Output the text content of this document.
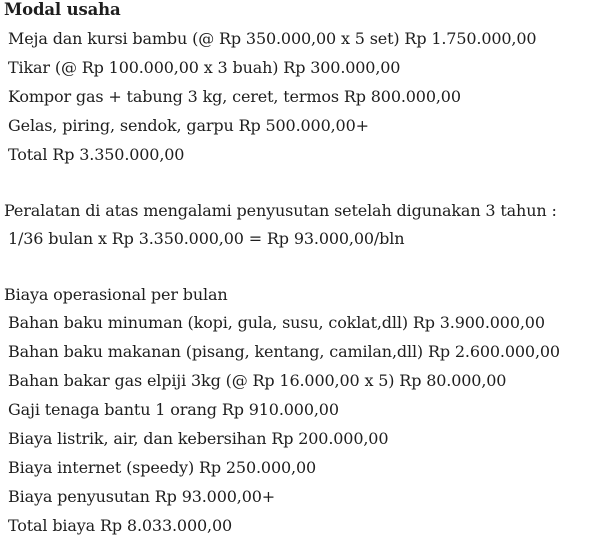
Modal usaha

Meja dan kursi bambu (@ Rp 350.000,00 x 5 set) Rp 1.750.000,00

Tikar (@ Rp 100.000,00 x 3 buah) Rp 300.000,00

Kompor gas + tabung 3 kg, ceret, termos Rp 800.000,00

Gelas, piring, sendok, garpu Rp 500.000,00+

Total Rp 3.350.000,00

Peralatan di atas mengalami penyusutan setelah digunakan 3 tahun :

1/36 bulan x Rp 3.350.000,00 = Rp 93.000,00/bln

Biaya operasional per bulan

Bahan baku minuman (kopi, gula, susu, coklat,dll) Rp 3.900.000,00

Bahan baku makanan (pisang, kentang, camilan,dll) Rp 2.600.000,00

Bahan bakar gas elpiji 3kg (@ Rp 16.000,00 x 5) Rp 80.000,00

Gaji tenaga bantu 1 orang Rp 910.000,00

Biaya listrik, air, dan kebersihan Rp 200.000,00

Biaya internet (speedy) Rp 250.000,00

Biaya penyusutan Rp 93.000,00+

Total biaya Rp 8.033.000,00
